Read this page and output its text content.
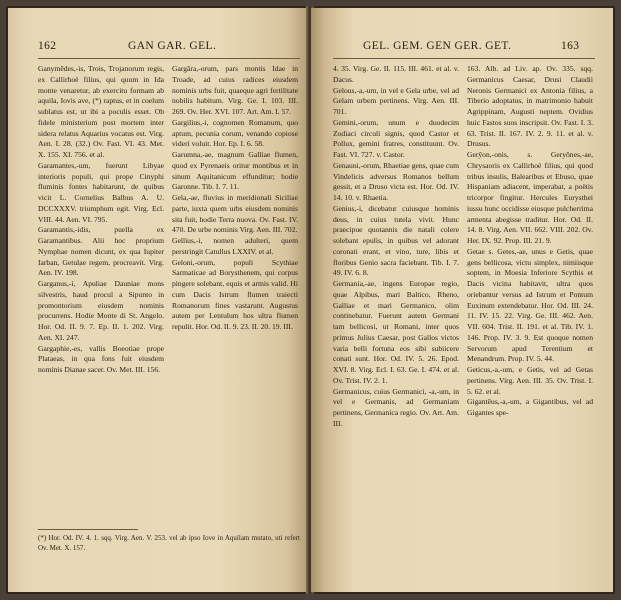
162	GAN GAR. GEL.
Ganymēdes,-is, Trois, Trojanorum regis, ex Callirhoë filius, qui quum in Ida monte venaretur, ab exercitu formam ab aquila, Iovis ave, (*) raptus, et in coelum sublatus est, ut ibi a poculis esset. Ob fidele ministerium post mortem inter sidera relatus Aquarius vocatus est. Virg. Aen. I. 28. (32.) Ov. Fast. VI. 43. Met. X. 155. XI. 756. et al.
Garamantes,-um, fuerunt Libyae interioris populi, qui prope Cinyphi fluminis fontes habitarunt, de quibus vicit L. Cornelius Balbus A. U. DCCXXXV. triumphum egit. Virg. Ecl. VIII. 44. Aen. VI. 795.
Garamantis,-idis, puella ex Garamantibus. Alii hoc proprium Nymphae nomen dicunt, ex qua Iupiter Iarban, Getulae regem, procreavit. Virg. Aen. IV. 198.
Garganus,-i, Apuliae Dauniae mons silvestris, haud procul a Sipunto in promontorium eiusdem nominis procurrens. Hodie Monte di St. Angelo. Hor. Od. II. 9. 7. Ep. II. 1. 202. Virg. Aen. XI. 247.
Gargaphie,-es, vallis Boeotiae prope Plataeas, in qua fons fuit eiusdem nominis Dianae sacer. Ov. Met. III. 156.
Gargăra,-orum, pars montis Idae in Troade, ad cuius radices eiusdem nominis urbs fuit, quaeque agri fertilitate nobilis habitum. Virg. Ge. I. 103. III. 269. Ov. Her. XVI. 107. Art. Am. I. 57.
Gargilius,-i, cognomen Romanum, quo aptum, pecunia corum, venando copiose videri voluit. Hor. Ep. I. 6. 58.
Garumna,-ae, magnum Galliae flumen, quod ex Pyrenaeis oritur montibus et in sinum Aquitanicum effunditur; hodie Garonne. Tib. I. 7. 11.
Gela,-ae, fluvius in meridionali Siciliae parte, iuxta quem urbs eiusdem nominis sita fuit, hodie Terra nuova. Ov. Fast. IV. 470. De urbe nominis Virg. Aen. III. 702.
Gellius,-i, nomen adulteri, quem perstringit Catullus LXXIV. et al.
Geloni,-orum, populi Scythiae Sarmaticae ad Borysthenem, qui corpus pingere solebant, equis et armis valid. Hi cum Dacis Istrum flumen traiecti Romanorum fines vastarunt. Augustus autem per Lentulum hos ultra flumen repulit. Hor. Od. II. 9. 23. II. 20. 19. III.
(*) Hor. Od. IV. 4. 1. sqq. Virg. Aen. V. 253. vel ab ipso Iove in Aquilam mutato, uti refert Ov. Met. X. 157.
GEL. GEM. GEN GER. GET.	163
4. 35. Virg. Ge. II. 115. III. 461. et al. v. Dacus.
Gelous,-a,-um, in vel e Gela urbe, vel ad Gelam urbem pertinens. Virg. Aen. III. 701.
Gemini,-orum, unum e duodecim Zodiaci circuli signis, quod Castor et Pollux, gemini fratres, constituunt. Ov. Fast. VI. 727. v. Castor.
Genauni,-orum, Rhaetiae gens, quae cum Vindelicis adversus Romanos bellum gessit, et a Druso victa est. Hor. Od. IV. 14. 10. v. Rhaetia.
Genius,-i, dicebatur cuiusque hominis deus, in cuius tutela vivit. Hunc praecipue quotannis die natali colere solebant epulis, in quibus vel adorant coronati erant, et vino, ture, libis et floribus Genio sacra faciebant. Tib. I. 7. 49. IV. 6. 8.
Germania,-ae, ingens Europae regio, quae Alpibus, mari Baltico, Rheno, Galliae et mari Germanico, olim continebatur. Fuerunt autem Germani tam bellicosi, ut Romani, inter quos primus Julius Caesar, post Gallos victos varia belli fortuna eos sibi subiicere conati sunt. Hor. Od. IV. 5. 26. Epod. XVI. 8. Virg. Ecl. I. 63. Ge. I. 474. et al. Ov. Trist. IV. 2. 1.
Germanicus, cuius Germanici, -a,-um, in vel e Germanis, ad Germaniam pertinens, Germanica regio. Ov. Art. Am. III.
163. Alb. ad Liv. ap. Ov. 335. sqq. Germanicus Caesar, Drusi Claudii Neronis Germanici ex Antonia filius, a Tiberio adoptatus, in matrimonio habuit Agrippinam, Augusti neptem. Ovidius huic Fastos suos inscripsit. Ov. Fast. I. 3. 63. Trist. II. 167. IV. 2. 9. 11. et al. v. Drusus.
Gerỹon,-onis, s. Geryŏnes,-ae, Chrysaoris ex Callirhoë filius, qui quod tribus insulis, Balearibus et Ebuso, quae Hispaniam adiacent, imperabat, a poëtis tricorpor fingitur. Hercules Eurysthei iussu hunc occidisse eiusque pulcherrima armenta abegisse traditur. Hor. Od. II. 14. 8. Virg. Aen. VII. 662. VIII. 202. Ov. Her. IX. 92. Prop. III. 21. 9.
Getae s. Getes,-ae, unus e Getis, quae gens bellicosa, victu simplex, nimiisque soptem, in Moesia Inferiore Scythis et Dacis vicina habitavit, ultra quos oriebantur versus ad Istrum et Pontum Euxinum extendebatur. Hor. Od. III. 24. 11. IV. 15. 22. Virg. Ge. III. 462. Aen. VII. 604. Trist. II. 191. et al. Tib. IV. 1. 146. Prop. IV. 3. 9. Est quoque nomen Servorum apud Terentium et Menandrum. Prop. IV. 5. 44.
Geticus,-a,-um, e Getis, vel ad Getas pertinens. Virg. Aen. III. 35. Ov. Trist. I. 5. 62. et al.
Gigantēus,-a,-um, a Gigantibus, vel ad Gigantes spe-
